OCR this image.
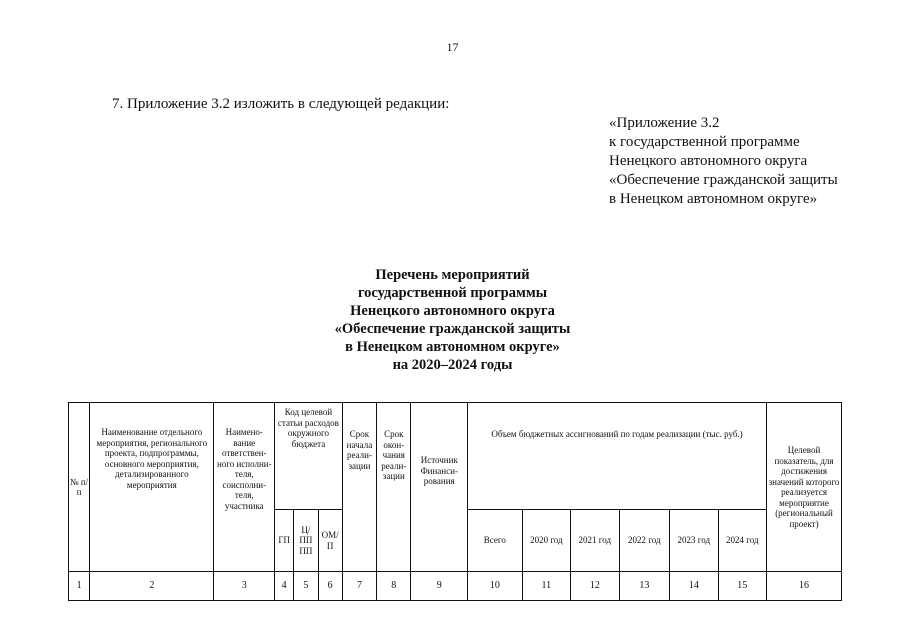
17
7. Приложение 3.2 изложить в следующей редакции:
«Приложение 3.2
к государственной программе
Ненецкого автономного округа
«Обеспечение гражданской защиты
в Ненецком автономном округе»
Перечень мероприятий
государственной программы
Ненецкого автономного округа
«Обеспечение гражданской защиты
в Ненецком автономном округе»
на 2020–2024 годы
№ п/п	Наименование отдельного мероприятия, регионального проекта, подпрограммы, основного мероприятия, детализированного мероприятия	Наимено-вание ответствен-ного исполни-теля, соисполни-теля, участника	Код целевой статьи расходов окружного бюджета			Срок начала реали-зации	Срок окон-чания реали-зации	Источник Финанси-рования	Объем бюджетных ассигнований по годам реализации (тыс. руб.)						Целевой показатель, для достижения значений которого реализуется мероприятие (региональный проект)
			ГП	Ц/ПП ПП	ОМ/ П				Всего	2020 год	2021 год	2022 год	2023 год	2024 год	
1	2	3	4	5	6	7	8	9	10	11	12	13	14	15	16
